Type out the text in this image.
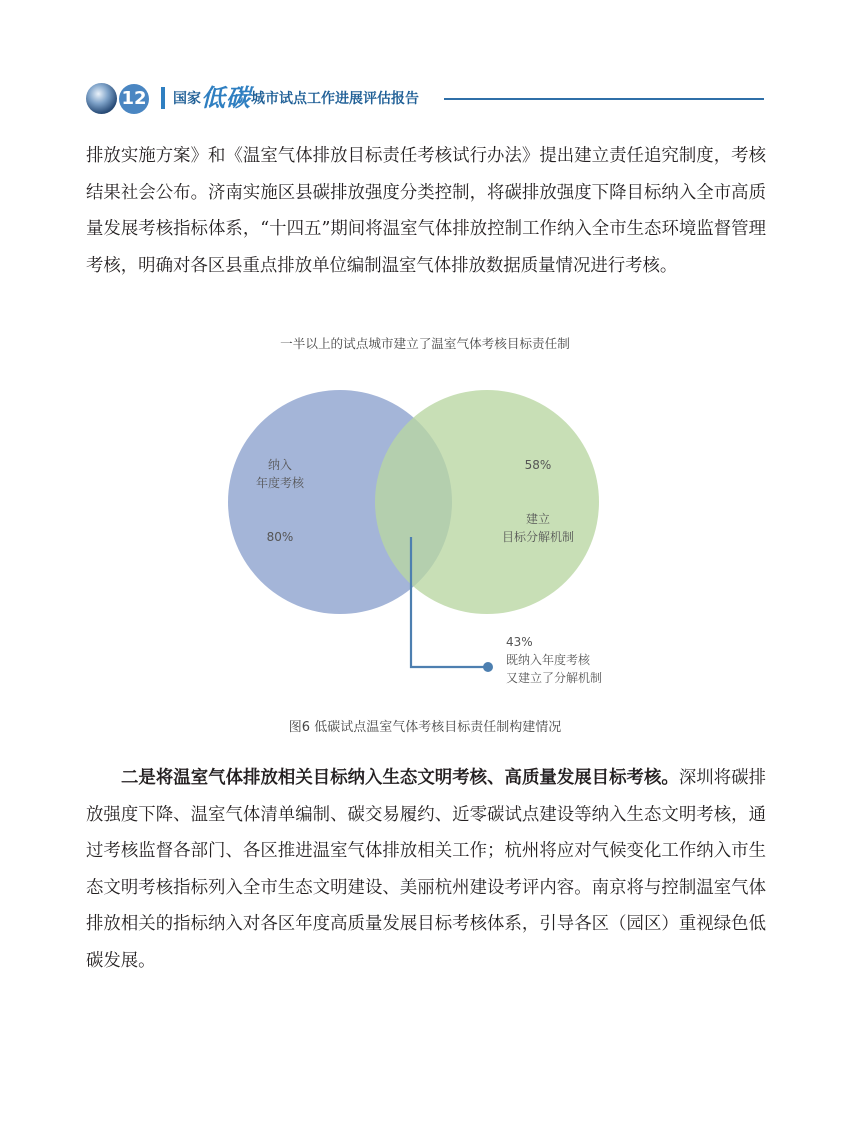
12 国家低碳城市试点工作进展评估报告

排放实施方案》和《温室气体排放目标责任考核试行办法》提出建立责任追究制度，考核结果社会公布。济南实施区县碳排放强度分类控制，将碳排放强度下降目标纳入全市高质量发展考核指标体系，“十四五”期间将温室气体排放控制工作纳入全市生态环境监督管理考核，明确对各区县重点排放单位编制温室气体排放数据质量情况进行考核。

一半以上的试点城市建立了温室气体考核目标责任制
纳入
年度考核
80%
58%
建立
目标分解机制
43%
既纳入年度考核
又建立了分解机制
图6 低碳试点温室气体考核目标责任制构建情况

二是将温室气体排放相关目标纳入生态文明考核、高质量发展目标考核。深圳将碳排放强度下降、温室气体清单编制、碳交易履约、近零碳试点建设等纳入生态文明考核，通过考核监督各部门、各区推进温室气体排放相关工作；杭州将应对气候变化工作纳入市生态文明考核指标列入全市生态文明建设、美丽杭州建设考评内容。南京将与控制温室气体排放相关的指标纳入对各区年度高质量发展目标考核体系，引导各区（园区）重视绿色低碳发展。
